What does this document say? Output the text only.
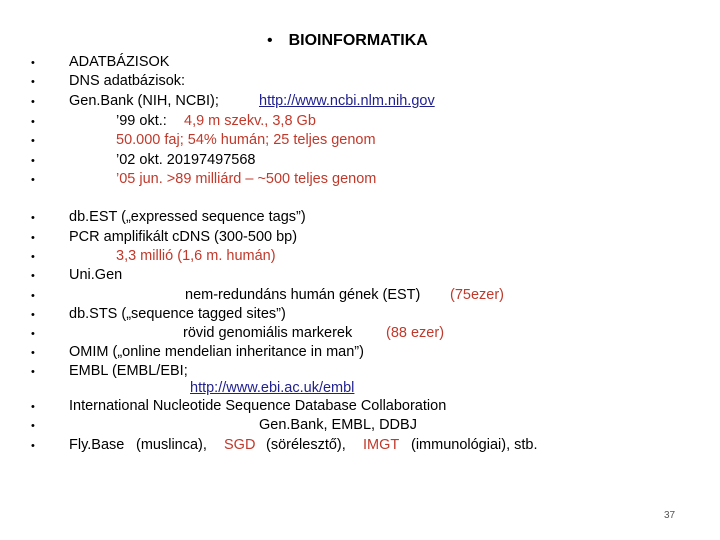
• BIOINFORMATIKA
• ADATBÁZISOK
• DNS adatbázisok:
• Gen.Bank (NIH, NCBI);	http://www.ncbi.nlm.nih.gov
•	’99 okt.: 4,9 m szekv., 3,8 Gb
•	50.000 faj; 54% humán; 25 teljes genom
•	’02 okt. 20197497568
•	’05 jun. >89 milliárd – ~500 teljes genom
• db.EST („expressed sequence tags”)
• PCR amplifikált cDNS (300-500 bp)
•	3,3 millió (1,6 m. humán)
• Uni.Gen
•	nem-redundáns humán gének (EST) (75ezer)
• db.STS („sequence tagged sites”)
•	rövid genomiális markerek (88 ezer)
• OMIM („online mendelian inheritance in man”)
• EMBL (EMBL/EBI;
http://www.ebi.ac.uk/embl
• International Nucleotide Sequence Database Collaboration
•	Gen.Bank, EMBL, DDBJ
• Fly.Base (muslinca), SGD (sörélesztő), IMGT (immunológiai), stb.
37
